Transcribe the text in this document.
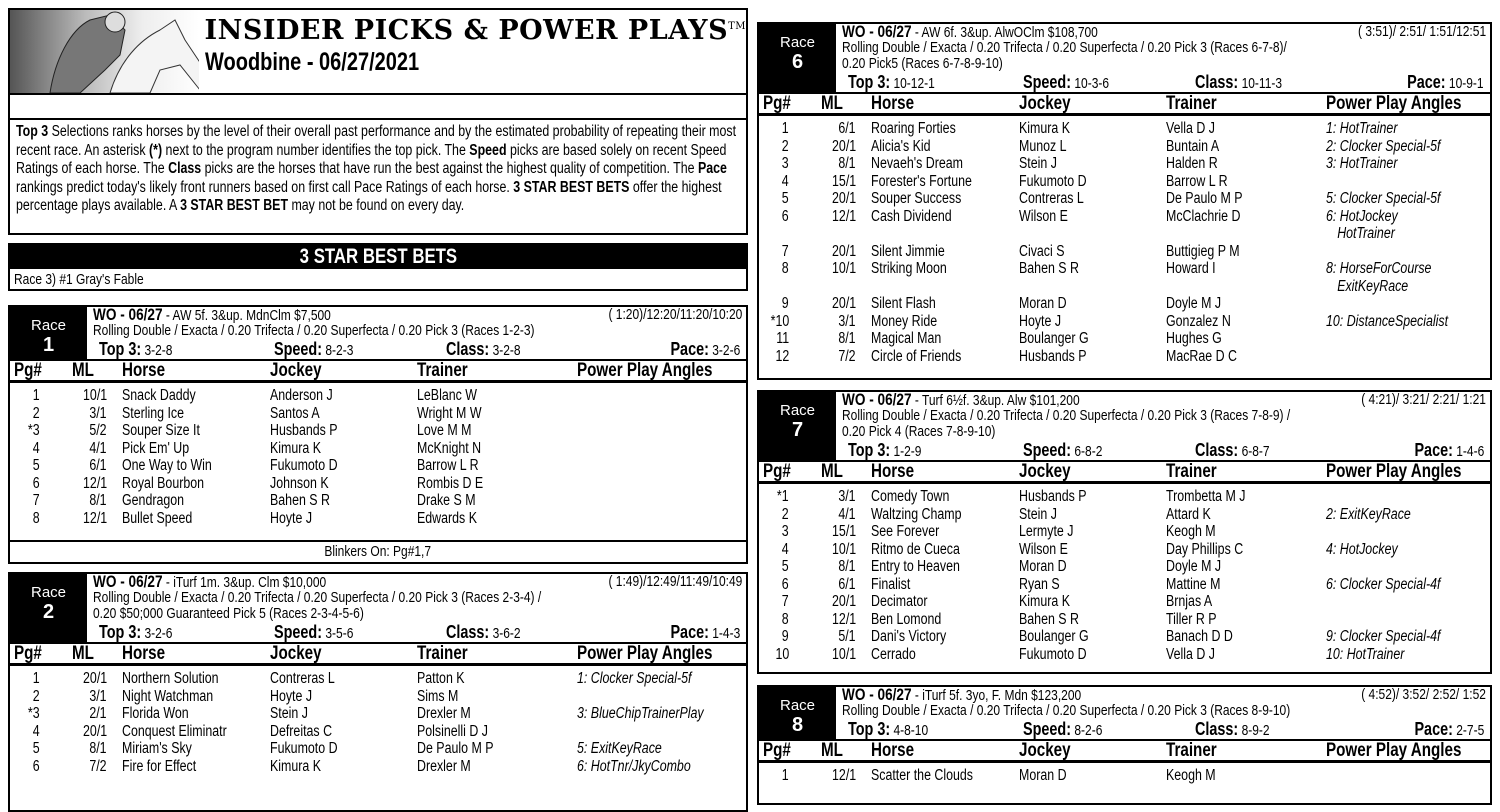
INSIDER PICKS & POWER PLAYS™
Woodbine - 06/27/2021
Top 3 Selections ranks horses by the level of their overall past performance and by the estimated probability of repeating their most recent race. An asterisk (*) next to the program number identifies the top pick. The Speed picks are based solely on recent Speed Ratings of each horse. The Class picks are the horses that have run the best against the highest quality of competition. The Pace rankings predict today's likely front runners based on first call Pace Ratings of each horse. 3 STAR BEST BETS offer the highest percentage plays available. A 3 STAR BEST BET may not be found on every day.
3 STAR BEST BETS
Race 3) #1 Gray's Fable
Race
1
WO - 06/27 - AW 5f. 3&up. MdnClm $7,500	( 1:20)/12:20/11:20/10:20
Rolling Double / Exacta / 0.20 Trifecta / 0.20 Superfecta / 0.20 Pick 3 (Races 1-2-3)
Top 3: 3-2-8	Speed: 8-2-3	Class: 3-2-8	Pace: 3-2-6
Pg# ML	Horse	Jockey	Trainer	Power Play Angles
1	10/1 Snack Daddy	Anderson J	LeBlanc W
2	3/1 Sterling Ice	Santos A	Wright M W
*3	5/2 Souper Size It	Husbands P	Love M M
4	4/1 Pick Em' Up	Kimura K	McKnight N
5	6/1 One Way to Win	Fukumoto D	Barrow L R
6	12/1 Royal Bourbon	Johnson K	Rombis D E
7	8/1 Gendragon	Bahen S R	Drake S M
8	12/1 Bullet Speed	Hoyte J	Edwards K
Blinkers On: Pg#1,7
Race
2
WO - 06/27 - iTurf 1m. 3&up. Clm $10,000	( 1:49)/12:49/11:49/10:49
Rolling Double / Exacta / 0.20 Trifecta / 0.20 Superfecta / 0.20 Pick 3 (Races 2-3-4) /
0.20 $50;000 Guaranteed Pick 5 (Races 2-3-4-5-6)
Top 3: 3-2-6	Speed: 3-5-6	Class: 3-6-2	Pace: 1-4-3
Pg# ML	Horse	Jockey	Trainer	Power Play Angles
1	20/1 Northern Solution	Contreras L	Patton K	1: Clocker Special-5f
2	3/1 Night Watchman	Hoyte J	Sims M
*3	2/1 Florida Won	Stein J	Drexler M	3: BlueChipTrainerPlay
4	20/1 Conquest Eliminatr	Defreitas C	Polsinelli D J
5	8/1 Miriam's Sky	Fukumoto D	De Paulo M P	5: ExitKeyRace
6	7/2 Fire for Effect	Kimura K	Drexler M	6: HotTnr/JkyCombo
Race
6
WO - 06/27 - AW 6f. 3&up. AlwOClm $108,700	( 3:51)/ 2:51/ 1:51/12:51
Rolling Double / Exacta / 0.20 Trifecta / 0.20 Superfecta / 0.20 Pick 3 (Races 6-7-8)/
0.20 Pick5 (Races 6-7-8-9-10)
Top 3: 10-12-1	Speed: 10-3-6	Class: 10-11-3	Pace: 10-9-1
Pg# ML	Horse	Jockey	Trainer	Power Play Angles
1	6/1 Roaring Forties	Kimura K	Vella D J	1: HotTrainer
2	20/1 Alicia's Kid	Munoz L	Buntain A	2: Clocker Special-5f
3	8/1 Nevaeh's Dream	Stein J	Halden R	3: HotTrainer
4	15/1 Forester's Fortune	Fukumoto D	Barrow L R
5	20/1 Souper Success	Contreras L	De Paulo M P	5: Clocker Special-5f
6	12/1 Cash Dividend	Wilson E	McClachrie D	6: HotJockey
HotTrainer
7	20/1 Silent Jimmie	Civaci S	Buttigieg P M
8	10/1 Striking Moon	Bahen S R	Howard I	8: HorseForCourse
ExitKeyRace
9	20/1 Silent Flash	Moran D	Doyle M J
*10	3/1 Money Ride	Hoyte J	Gonzalez N	10: DistanceSpecialist
11	8/1 Magical Man	Boulanger G	Hughes G
12	7/2 Circle of Friends	Husbands P	MacRae D C
Race
7
WO - 06/27 - Turf 6½f. 3&up. Alw $101,200	( 4:21)/ 3:21/ 2:21/ 1:21
Rolling Double / Exacta / 0.20 Trifecta / 0.20 Superfecta / 0.20 Pick 3 (Races 7-8-9) /
0.20 Pick 4 (Races 7-8-9-10)
Top 3: 1-2-9	Speed: 6-8-2	Class: 6-8-7	Pace: 1-4-6
Pg# ML	Horse	Jockey	Trainer	Power Play Angles
*1	3/1 Comedy Town	Husbands P	Trombetta M J
2	4/1 Waltzing Champ	Stein J	Attard K	2: ExitKeyRace
3	15/1 See Forever	Lermyte J	Keogh M
4	10/1 Ritmo de Cueca	Wilson E	Day Phillips C	4: HotJockey
5	8/1 Entry to Heaven	Moran D	Doyle M J
6	6/1 Finalist	Ryan S	Mattine M	6: Clocker Special-4f
7	20/1 Decimator	Kimura K	Brnjas A
8	12/1 Ben Lomond	Bahen S R	Tiller R P
9	5/1 Dani's Victory	Boulanger G	Banach D D	9: Clocker Special-4f
10	10/1 Cerrado	Fukumoto D	Vella D J	10: HotTrainer
Race
8
WO - 06/27 - iTurf 5f. 3yo, F. Mdn $123,200	( 4:52)/ 3:52/ 2:52/ 1:52
Rolling Double / Exacta / 0.20 Trifecta / 0.20 Superfecta / 0.20 Pick 3 (Races 8-9-10)
Top 3: 4-8-10	Speed: 8-2-6	Class: 8-9-2	Pace: 2-7-5
Pg# ML	Horse	Jockey	Trainer	Power Play Angles
1	12/1 Scatter the Clouds	Moran D	Keogh M
